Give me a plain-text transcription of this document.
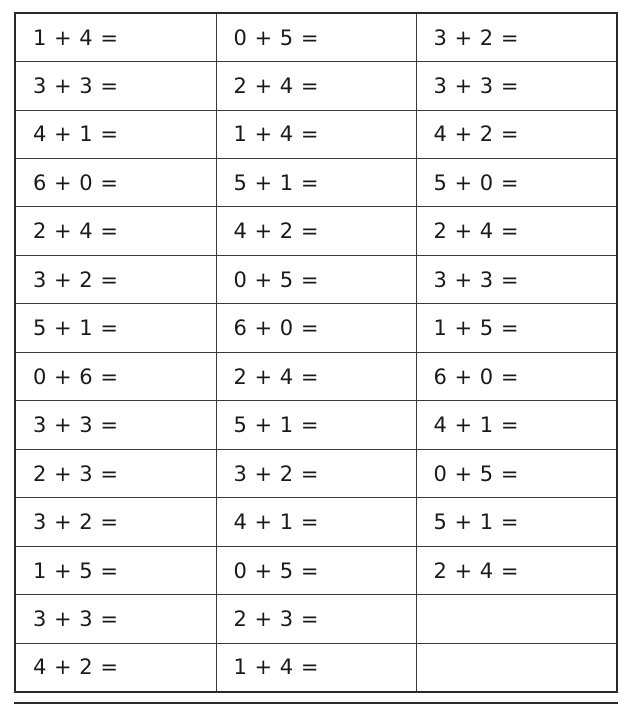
1 + 4 =	0 + 5 =	3 + 2 =
3 + 3 =	2 + 4 =	3 + 3 =
4 + 1 =	1 + 4 =	4 + 2 =
6 + 0 =	5 + 1 =	5 + 0 =
2 + 4 =	4 + 2 =	2 + 4 =
3 + 2 =	0 + 5 =	3 + 3 =
5 + 1 =	6 + 0 =	1 + 5 =
0 + 6 =	2 + 4 =	6 + 0 =
3 + 3 =	5 + 1 =	4 + 1 =
2 + 3 =	3 + 2 =	0 + 5 =
3 + 2 =	4 + 1 =	5 + 1 =
1 + 5 =	0 + 5 =	2 + 4 =
3 + 3 =	2 + 3 =	
4 + 2 =	1 + 4 =	
